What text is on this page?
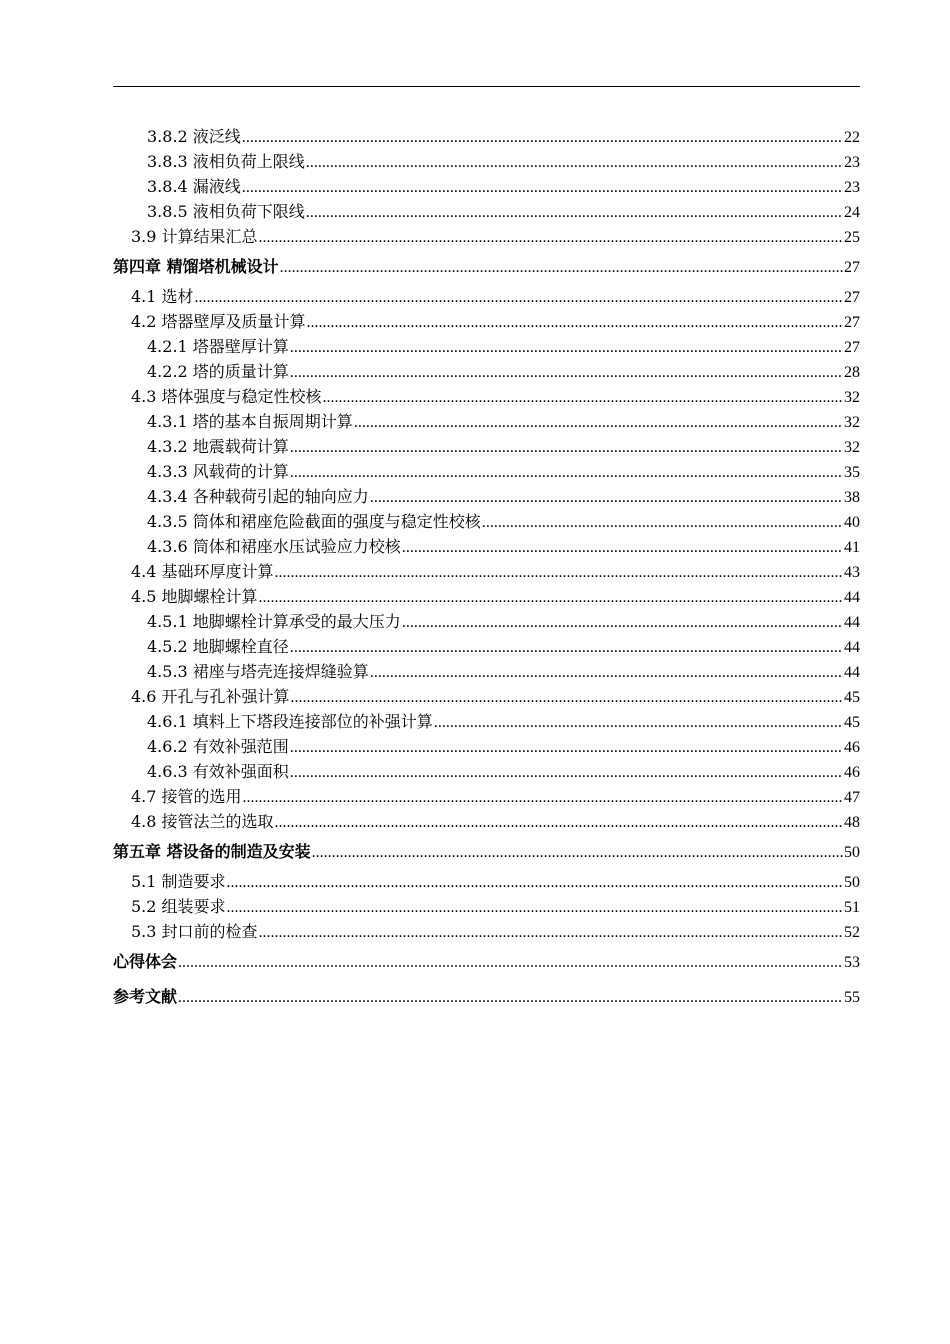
3.8.2 液泛线 .....	22
3.8.3 液相负荷上限线 .....	23
3.8.4 漏液线 .....	23
3.8.5 液相负荷下限线 .....	24
3.9 计算结果汇总 .....	25
第四章 精馏塔机械设计 .....	27
4.1 选材 .....	27
4.2 塔器壁厚及质量计算 .....	27
4.2.1 塔器壁厚计算 .....	27
4.2.2 塔的质量计算 .....	28
4.3 塔体强度与稳定性校核 .....	32
4.3.1 塔的基本自振周期计算 .....	32
4.3.2 地震载荷计算 .....	32
4.3.3 风载荷的计算 .....	35
4.3.4 各种载荷引起的轴向应力 .....	38
4.3.5 筒体和裙座危险截面的强度与稳定性校核 .....	40
4.3.6 筒体和裙座水压试验应力校核 .....	41
4.4 基础环厚度计算 .....	43
4.5 地脚螺栓计算 .....	44
4.5.1 地脚螺栓计算承受的最大压力 .....	44
4.5.2 地脚螺栓直径 .....	44
4.5.3 裙座与塔壳连接焊缝验算 .....	44
4.6 开孔与孔补强计算 .....	45
4.6.1 填料上下塔段连接部位的补强计算 .....	45
4.6.2 有效补强范围 .....	46
4.6.3 有效补强面积 .....	46
4.7 接管的选用 .....	47
4.8 接管法兰的选取 .....	48
第五章 塔设备的制造及安装 .....	50
5.1 制造要求 .....	50
5.2 组装要求 .....	51
5.3 封口前的检查 .....	52
心得体会 .....	53
参考文献 .....	55
